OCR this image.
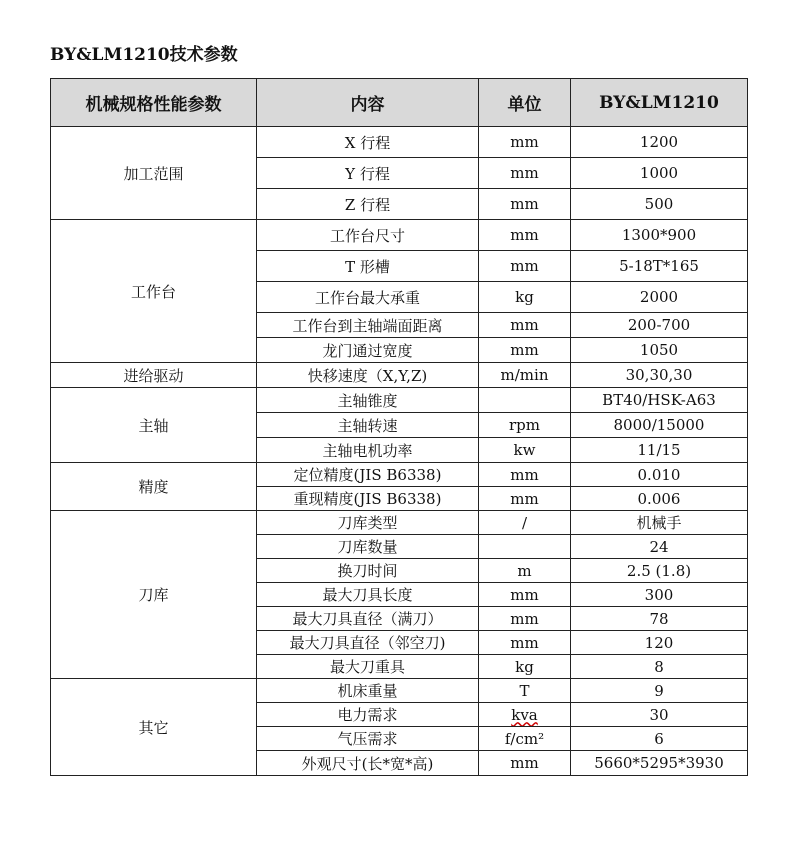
BY&LM1210技术参数
机械规格性能参数	内容	单位	BY&LM1210
加工范围	X 行程	mm	1200
	Y 行程	mm	1000
	Z 行程	mm	500
工作台	工作台尺寸	mm	1300*900
	T 形槽	mm	5-18T*165
	工作台最大承重	kg	2000
	工作台到主轴端面距离	mm	200-700
	龙门通过宽度	mm	1050
进给驱动	快移速度（X,Y,Z)	m/min	30,30,30
主轴	主轴锥度		BT40/HSK-A63
	主轴转速	rpm	8000/15000
	主轴电机功率	kw	11/15
精度	定位精度(JIS B6338)	mm	0.010
	重现精度(JIS B6338)	mm	0.006
刀库	刀库类型	/	机械手
	刀库数量		24
	换刀时间	m	2.5 (1.8)
	最大刀具长度	mm	300
	最大刀具直径（满刀）	mm	78
	最大刀具直径（邻空刀)	mm	120
	最大刀重具	kg	8
其它	机床重量	T	9
	电力需求	kva	30
	气压需求	f/cm²	6
	外观尺寸(长*宽*高)	mm	5660*5295*3930
